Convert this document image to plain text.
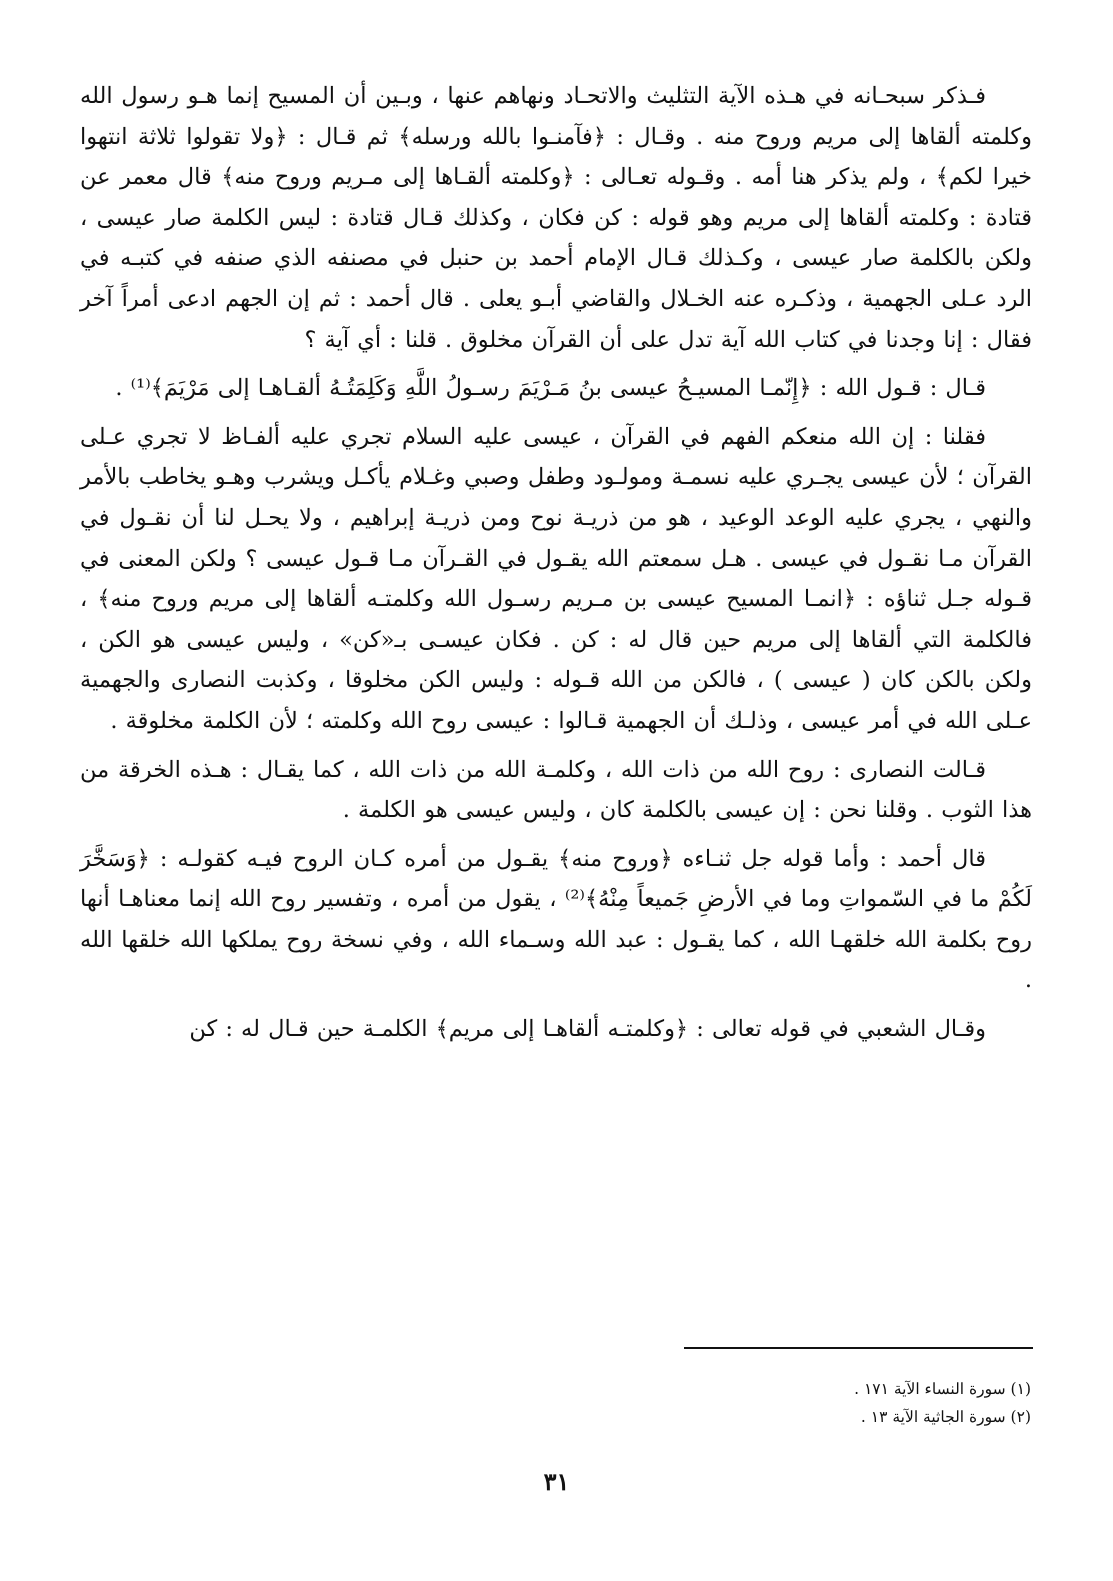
فـذكر سبحـانه في هـذه الآية التثليث والاتحـاد ونهاهم عنها ، وبـين أن المسيح إنما هـو رسول الله وكلمته ألقاها إلى مريم وروح منه . وقـال : ﴿فآمنـوا بالله ورسله﴾ ثم قـال : ﴿ولا تقولوا ثلاثة انتهوا خيرا لكم﴾ ، ولم يذكر هنا أمه . وقـوله تعـالى : ﴿وكلمته ألقـاها إلى مـريم وروح منه﴾ قال معمر عن قتادة : وكلمته ألقاها إلى مريم وهو قوله : كن فكان ، وكذلك قـال قتادة : ليس الكلمة صار عيسى ، ولكن بالكلمة صار عيسى ، وكـذلك قـال الإمام أحمد بن حنبل في مصنفه الذي صنفه في كتبـه في الرد عـلى الجهمية ، وذكـره عنه الخـلال والقاضي أبـو يعلى . قال أحمد : ثم إن الجهم ادعى أمراً آخر فقال : إنا وجدنا في كتاب الله آية تدل على أن القرآن مخلوق . قلنا : أي آية ؟

قـال : قـول الله : ﴿إِنّمـا المسيـحُ عيسى بنُ مَـرْيَمَ رسـولُ اللَّهِ وَكَلِمَتُـهُ ألقـاهـا إلى مَرْيَمَ﴾⁽¹⁾ .

فقلنا : إن الله منعكم الفهم في القرآن ، عيسى عليه السلام تجري عليه ألفـاظ لا تجري عـلى القرآن ؛ لأن عيسى يجـري عليه نسمـة ومولـود وطفل وصبي وغـلام يأكـل ويشرب وهـو يخاطب بالأمر والنهي ، يجري عليه الوعد الوعيد ، هو من ذريـة نوح ومن ذريـة إبراهيم ، ولا يحـل لنا أن نقـول في القرآن مـا نقـول في عيسى . هـل سمعتم الله يقـول في القـرآن مـا قـول عيسى ؟ ولكن المعنى في قـوله جـل ثناؤه : ﴿انمـا المسيح عيسى بن مـريم رسـول الله وكلمتـه ألقاها إلى مريم وروح منه﴾ ، فالكلمة التي ألقاها إلى مريم حين قال له : كن . فكان عيسـى بـ«كن» ، وليس عيسى هو الكن ، ولكن بالكن كان ( عيسى ) ، فالكن من الله قـوله : وليس الكن مخلوقا ، وكذبت النصارى والجهمية عـلى الله في أمر عيسى ، وذلـك أن الجهمية قـالوا : عيسى روح الله وكلمته ؛ لأن الكلمة مخلوقة .

قـالت النصارى : روح الله من ذات الله ، وكلمـة الله من ذات الله ، كما يقـال : هـذه الخرقة من هذا الثوب . وقلنا نحن : إن عيسى بالكلمة كان ، وليس عيسى هو الكلمة .

قال أحمد : وأما قوله جل ثنـاءه ﴿وروح منه﴾ يقـول من أمره كـان الروح فيـه كقولـه : ﴿وَسَخَّرَ لَكُمْ ما في السّمواتِ وما في الأرضِ جَميعاً مِنْهُ﴾⁽²⁾ ، يقول من أمره ، وتفسير روح الله إنما معناهـا أنها روح بكلمة الله خلقهـا الله ، كما يقـول : عبد الله وسـماء الله ، وفي نسخة روح يملكها الله خلقها الله .

وقـال الشعبي في قوله تعالى : ﴿وكلمتـه ألقاهـا إلى مريم﴾ الكلمـة حين قـال له : كن

(١) سورة النساء الآية ١٧١ .

(٢) سورة الجاثية الآية ١٣ .

٣١
